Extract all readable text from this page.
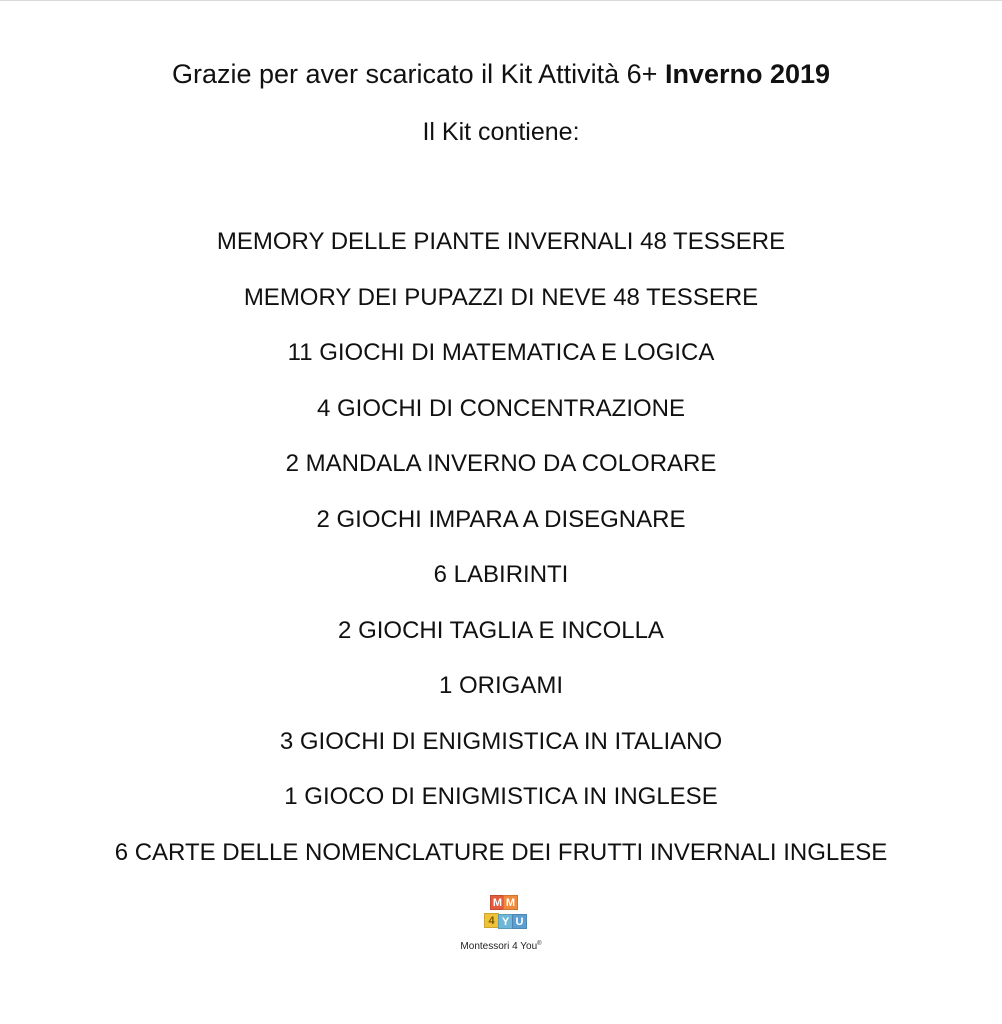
Grazie per aver scaricato il Kit Attività 6+ Inverno 2019
Il Kit contiene:
MEMORY DELLE PIANTE INVERNALI 48 TESSERE
MEMORY DEI PUPAZZI DI NEVE 48 TESSERE
11 GIOCHI DI MATEMATICA E LOGICA
4 GIOCHI DI CONCENTRAZIONE
2 MANDALA INVERNO DA COLORARE
2 GIOCHI IMPARA A DISEGNARE
6 LABIRINTI
2 GIOCHI TAGLIA E INCOLLA
1 ORIGAMI
3 GIOCHI DI ENIGMISTICA IN ITALIANO
1 GIOCO DI ENIGMISTICA IN INGLESE
6 CARTE DELLE NOMENCLATURE DEI FRUTTI INVERNALI INGLESE
M M
4 Y U
Montessori 4 You®
